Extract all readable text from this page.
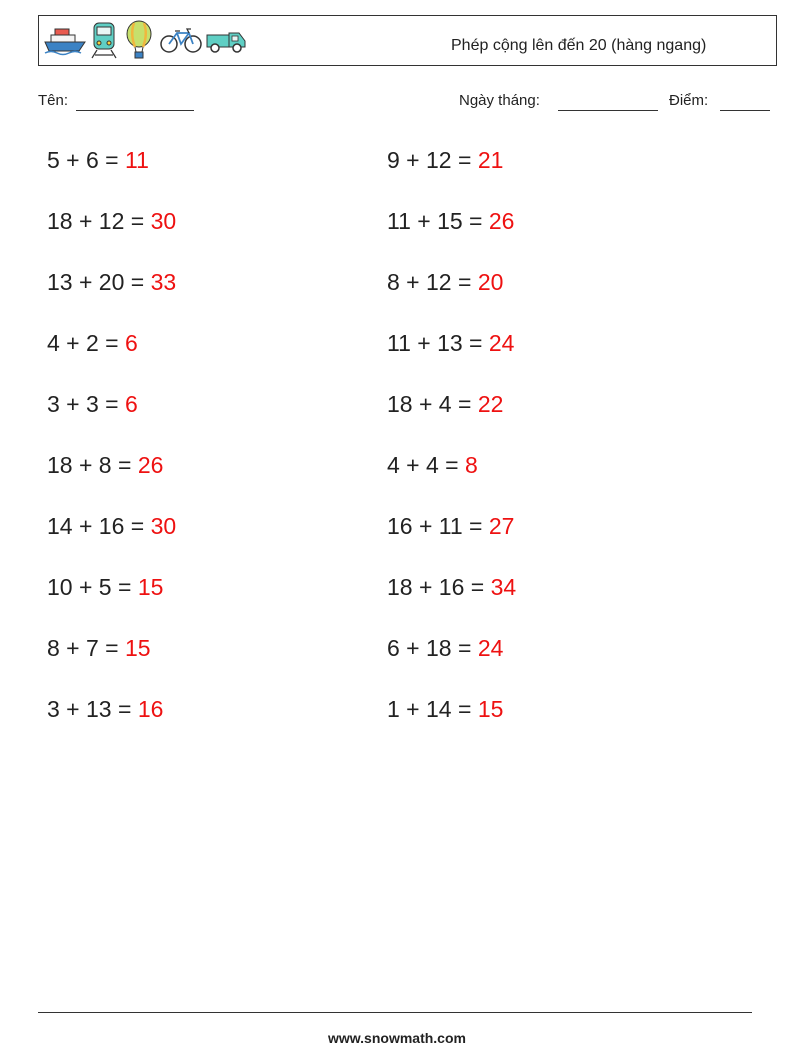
Phép cộng lên đến 20 (hàng ngang)
Tên:	Ngày tháng:	Điểm:
5 + 6 = 11	9 + 12 = 21
18 + 12 = 30	11 + 15 = 26
13 + 20 = 33	8 + 12 = 20
4 + 2 = 6	11 + 13 = 24
3 + 3 = 6	18 + 4 = 22
18 + 8 = 26	4 + 4 = 8
14 + 16 = 30	16 + 11 = 27
10 + 5 = 15	18 + 16 = 34
8 + 7 = 15	6 + 18 = 24
3 + 13 = 16	1 + 14 = 15
www.snowmath.com
